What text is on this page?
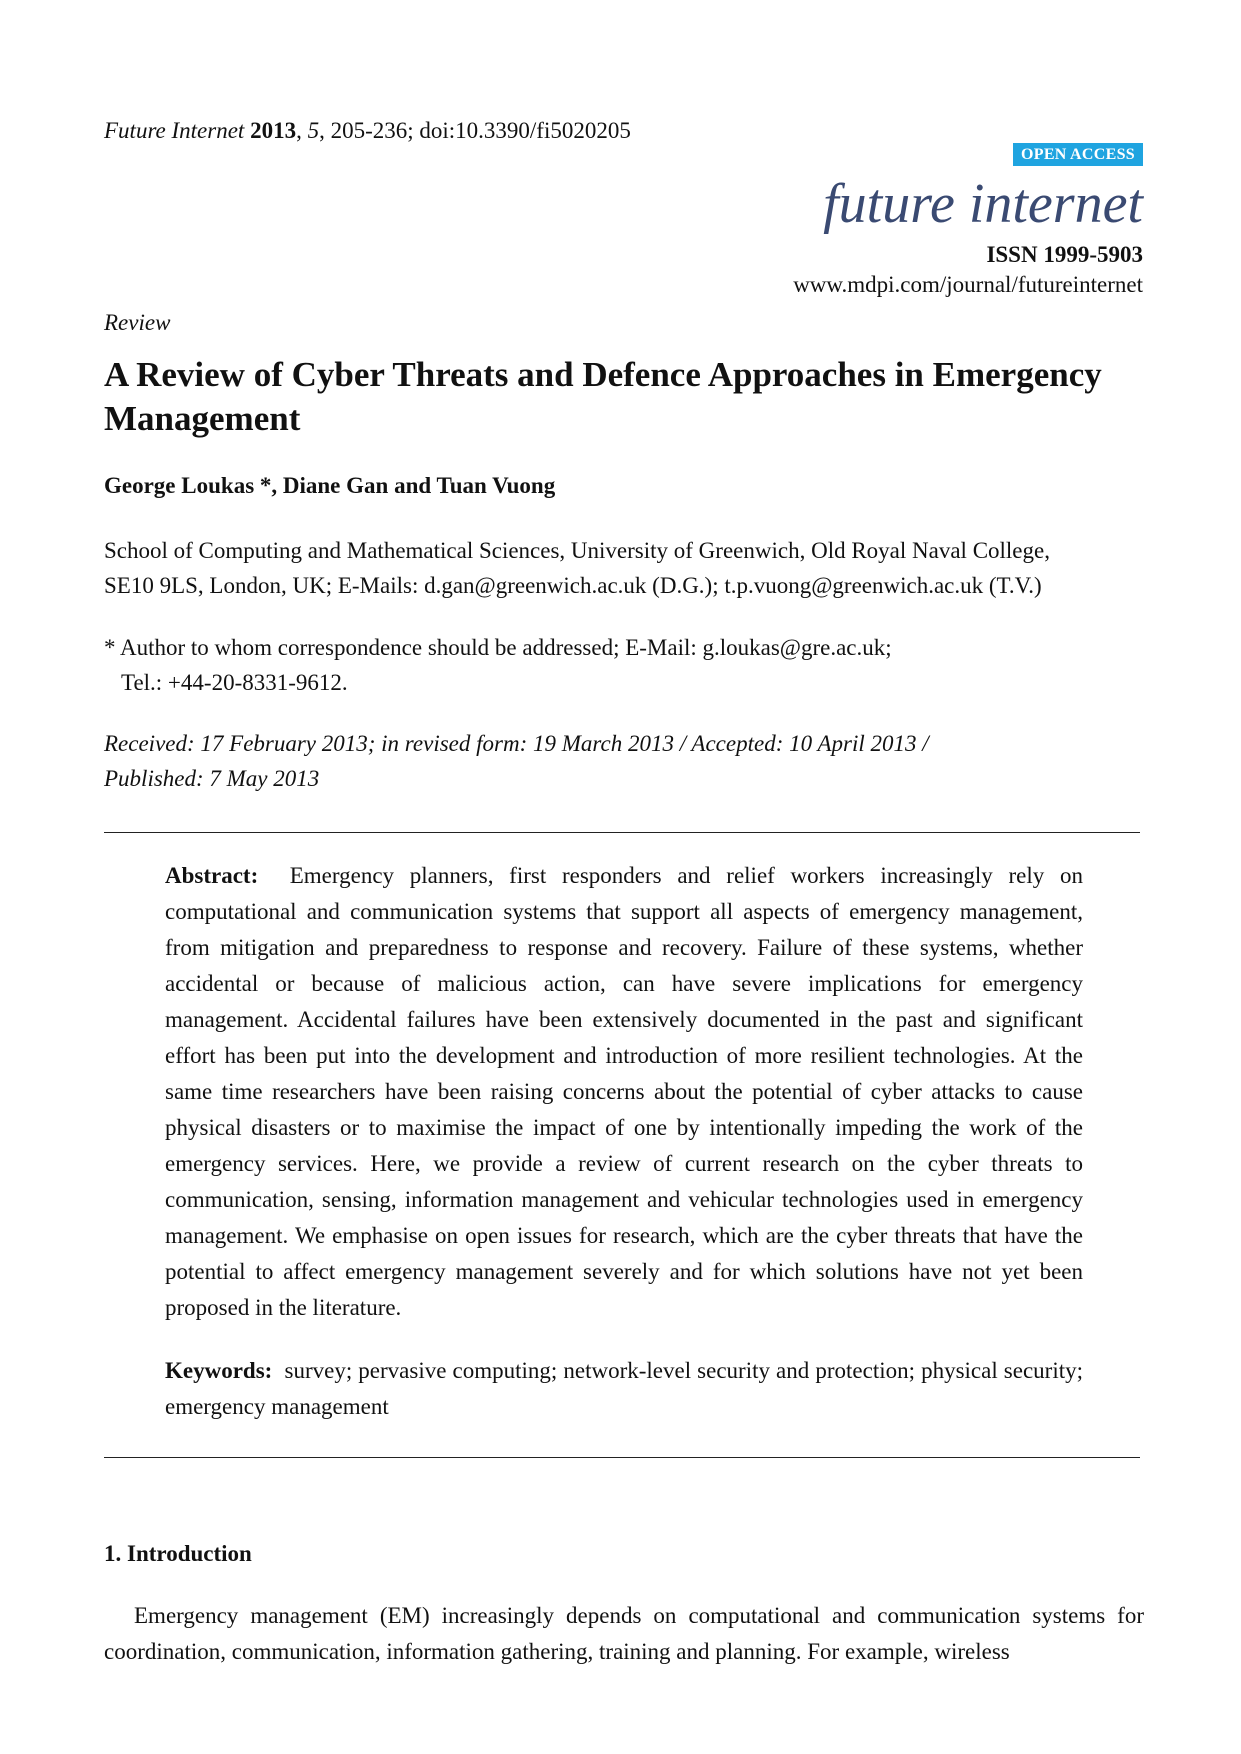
Future Internet 2013, 5, 205-236; doi:10.3390/fi5020205
OPEN ACCESS
future internet
ISSN 1999-5903
www.mdpi.com/journal/futureinternet
Review
A Review of Cyber Threats and Defence Approaches in Emergency Management
George Loukas *, Diane Gan and Tuan Vuong
School of Computing and Mathematical Sciences, University of Greenwich, Old Royal Naval College,
SE10 9LS, London, UK; E-Mails: d.gan@greenwich.ac.uk (D.G.); t.p.vuong@greenwich.ac.uk (T.V.)
* Author to whom correspondence should be addressed; E-Mail: g.loukas@gre.ac.uk;
Tel.: +44-20-8331-9612.
Received: 17 February 2013; in revised form: 19 March 2013 / Accepted: 10 April 2013 /
Published: 7 May 2013
Abstract: Emergency planners, first responders and relief workers increasingly rely on computational and communication systems that support all aspects of emergency management, from mitigation and preparedness to response and recovery. Failure of these systems, whether accidental or because of malicious action, can have severe implications for emergency management. Accidental failures have been extensively documented in the past and significant effort has been put into the development and introduction of more resilient technologies. At the same time researchers have been raising concerns about the potential of cyber attacks to cause physical disasters or to maximise the impact of one by intentionally impeding the work of the emergency services. Here, we provide a review of current research on the cyber threats to communication, sensing, information management and vehicular technologies used in emergency management. We emphasise on open issues for research, which are the cyber threats that have the potential to affect emergency management severely and for which solutions have not yet been proposed in the literature.
Keywords: survey; pervasive computing; network-level security and protection; physical security; emergency management
1. Introduction
Emergency management (EM) increasingly depends on computational and communication systems for coordination, communication, information gathering, training and planning. For example, wireless
